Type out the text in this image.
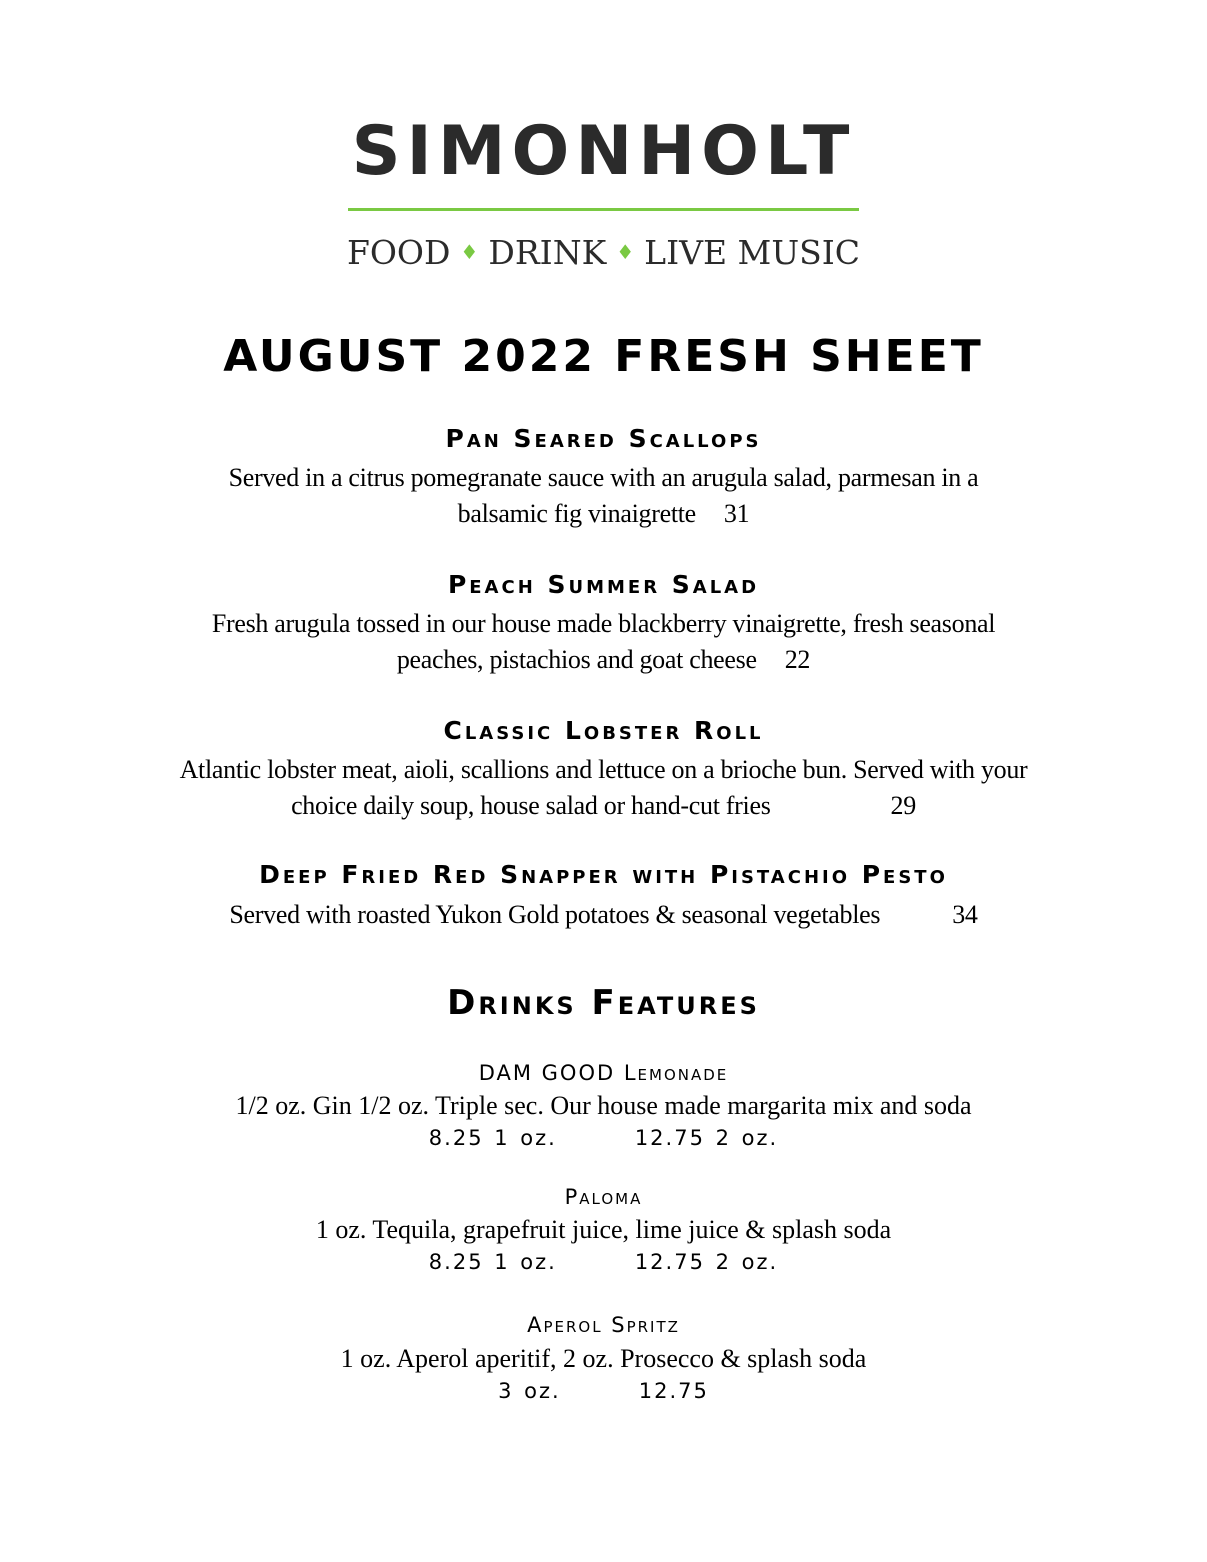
SIMONHOLT
FOOD ♦ DRINK ♦ LIVE MUSIC
AUGUST 2022 FRESH SHEET
Pan Seared Scallops
Served in a citrus pomegranate sauce with an arugula salad, parmesan in a
balsamic fig vinaigrette 31
Peach Summer Salad
Fresh arugula tossed in our house made blackberry vinaigrette, fresh seasonal
peaches, pistachios and goat cheese 22
Classic Lobster Roll
Atlantic lobster meat, aioli, scallions and lettuce on a brioche bun. Served with your
choice daily soup, house salad or hand-cut fries	29
Deep Fried Red Snapper with Pistachio Pesto
Served with roasted Yukon Gold potatoes & seasonal vegetables	34
Drinks Features
DAM GOOD Lemonade
1/2 oz. Gin 1/2 oz. Triple sec. Our house made margarita mix and soda
8.25 1 oz.	12.75 2 oz.
Paloma
1 oz. Tequila, grapefruit juice, lime juice & splash soda
8.25 1 oz.	12.75 2 oz.
Aperol Spritz
1 oz. Aperol aperitif, 2 oz. Prosecco & splash soda
3 oz.	12.75
